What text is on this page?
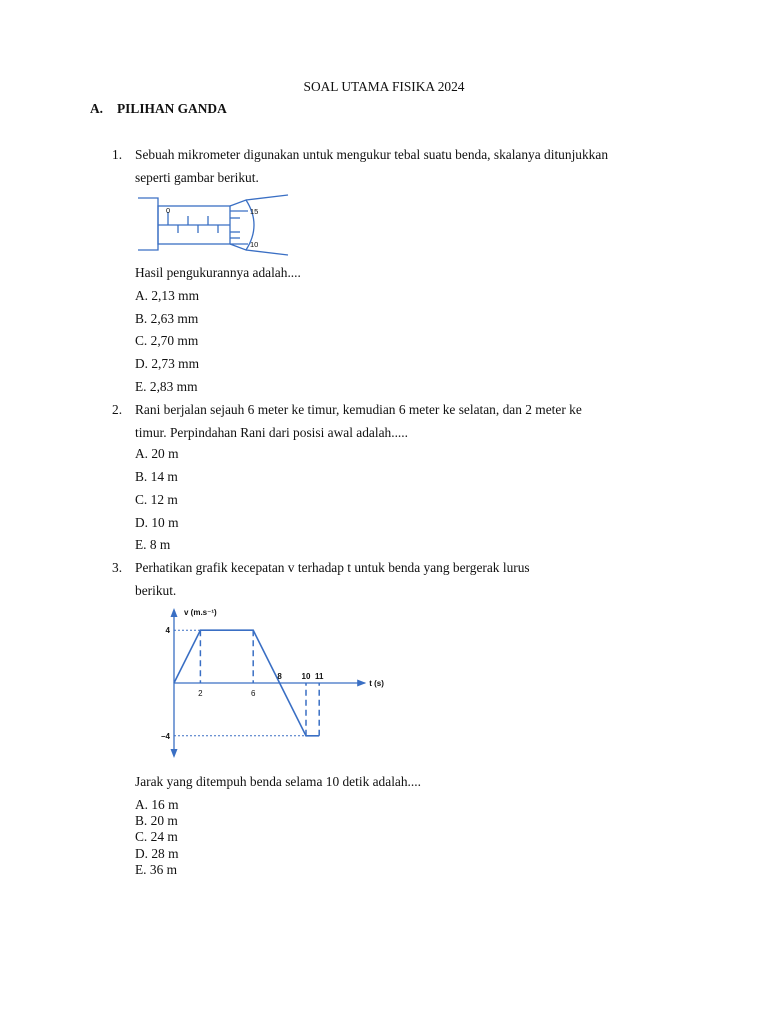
SOAL UTAMA FISIKA 2024
A. PILIHAN GANDA
1. Sebuah mikrometer digunakan untuk mengukur tebal suatu benda, skalanya ditunjukkan
seperti gambar berikut.
0	15
10
Hasil pengukurannya adalah....
A. 2,13 mm
B. 2,63 mm
C. 2,70 mm
D. 2,73 mm
E. 2,83 mm
2. Rani berjalan sejauh 6 meter ke timur, kemudian 6 meter ke selatan, dan 2 meter ke
timur. Perpindahan Rani dari posisi awal adalah.....
A. 20 m
B. 14 m
C. 12 m
D. 10 m
E. 8 m
3. Perhatikan grafik kecepatan v terhadap t untuk benda yang bergerak lurus
berikut.
2	6
8 10 11
4
–4
v (m.s⁻¹)
t (s)
Jarak yang ditempuh benda selama 10 detik adalah....
A. 16 m
B. 20 m
C. 24 m
D. 28 m
E. 36 m
